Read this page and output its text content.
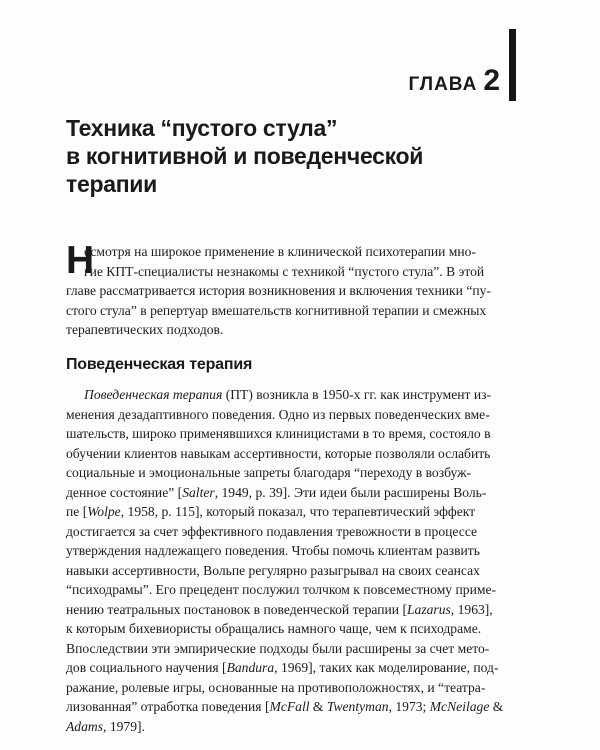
ГЛАВА 2
Техника “пустого стула”
в когнитивной и поведенческой
терапии
Н
есмотря на широкое применение в клинической психотерапии мно-
гие КПТ-специалисты незнакомы с техникой “пустого стула”. В этой
главе рассматривается история возникновения и включения техники “пу-
стого стула” в репертуар вмешательств когнитивной терапии и смежных
терапевтических подходов.
Поведенческая терапия
Поведенческая терапия (ПТ) возникла в 1950-х гг. как инструмент из-
менения дезадаптивного поведения. Одно из первых поведенческих вме-
шательств, широко применявшихся клиницистами в то время, состояло в
обучении клиентов навыкам ассертивности, которые позволяли ослабить
социальные и эмоциональные запреты благодаря “переходу в возбуж-
денное состояние” [Salter, 1949, p. 39]. Эти идеи были расширены Воль-
пе [Wolpe, 1958, p. 115], который показал, что терапевтический эффект
достигается за счет эффективного подавления тревожности в процессе
утверждения надлежащего поведения. Чтобы помочь клиентам развить
навыки ассертивности, Вольпе регулярно разыгрывал на своих сеансах
“психодрамы”. Его прецедент послужил толчком к повсеместному приме-
нению театральных постановок в поведенческой терапии [Lazarus, 1963],
к которым бихевиористы обращались намного чаще, чем к психодраме.
Впоследствии эти эмпирические подходы были расширены за счет мето-
дов социального научения [Bandura, 1969], таких как моделирование, под-
ражание, ролевые игры, основанные на противоположностях, и “театра-
лизованная” отработка поведения [McFall & Twentyman, 1973; McNeilage &
Adams, 1979].
